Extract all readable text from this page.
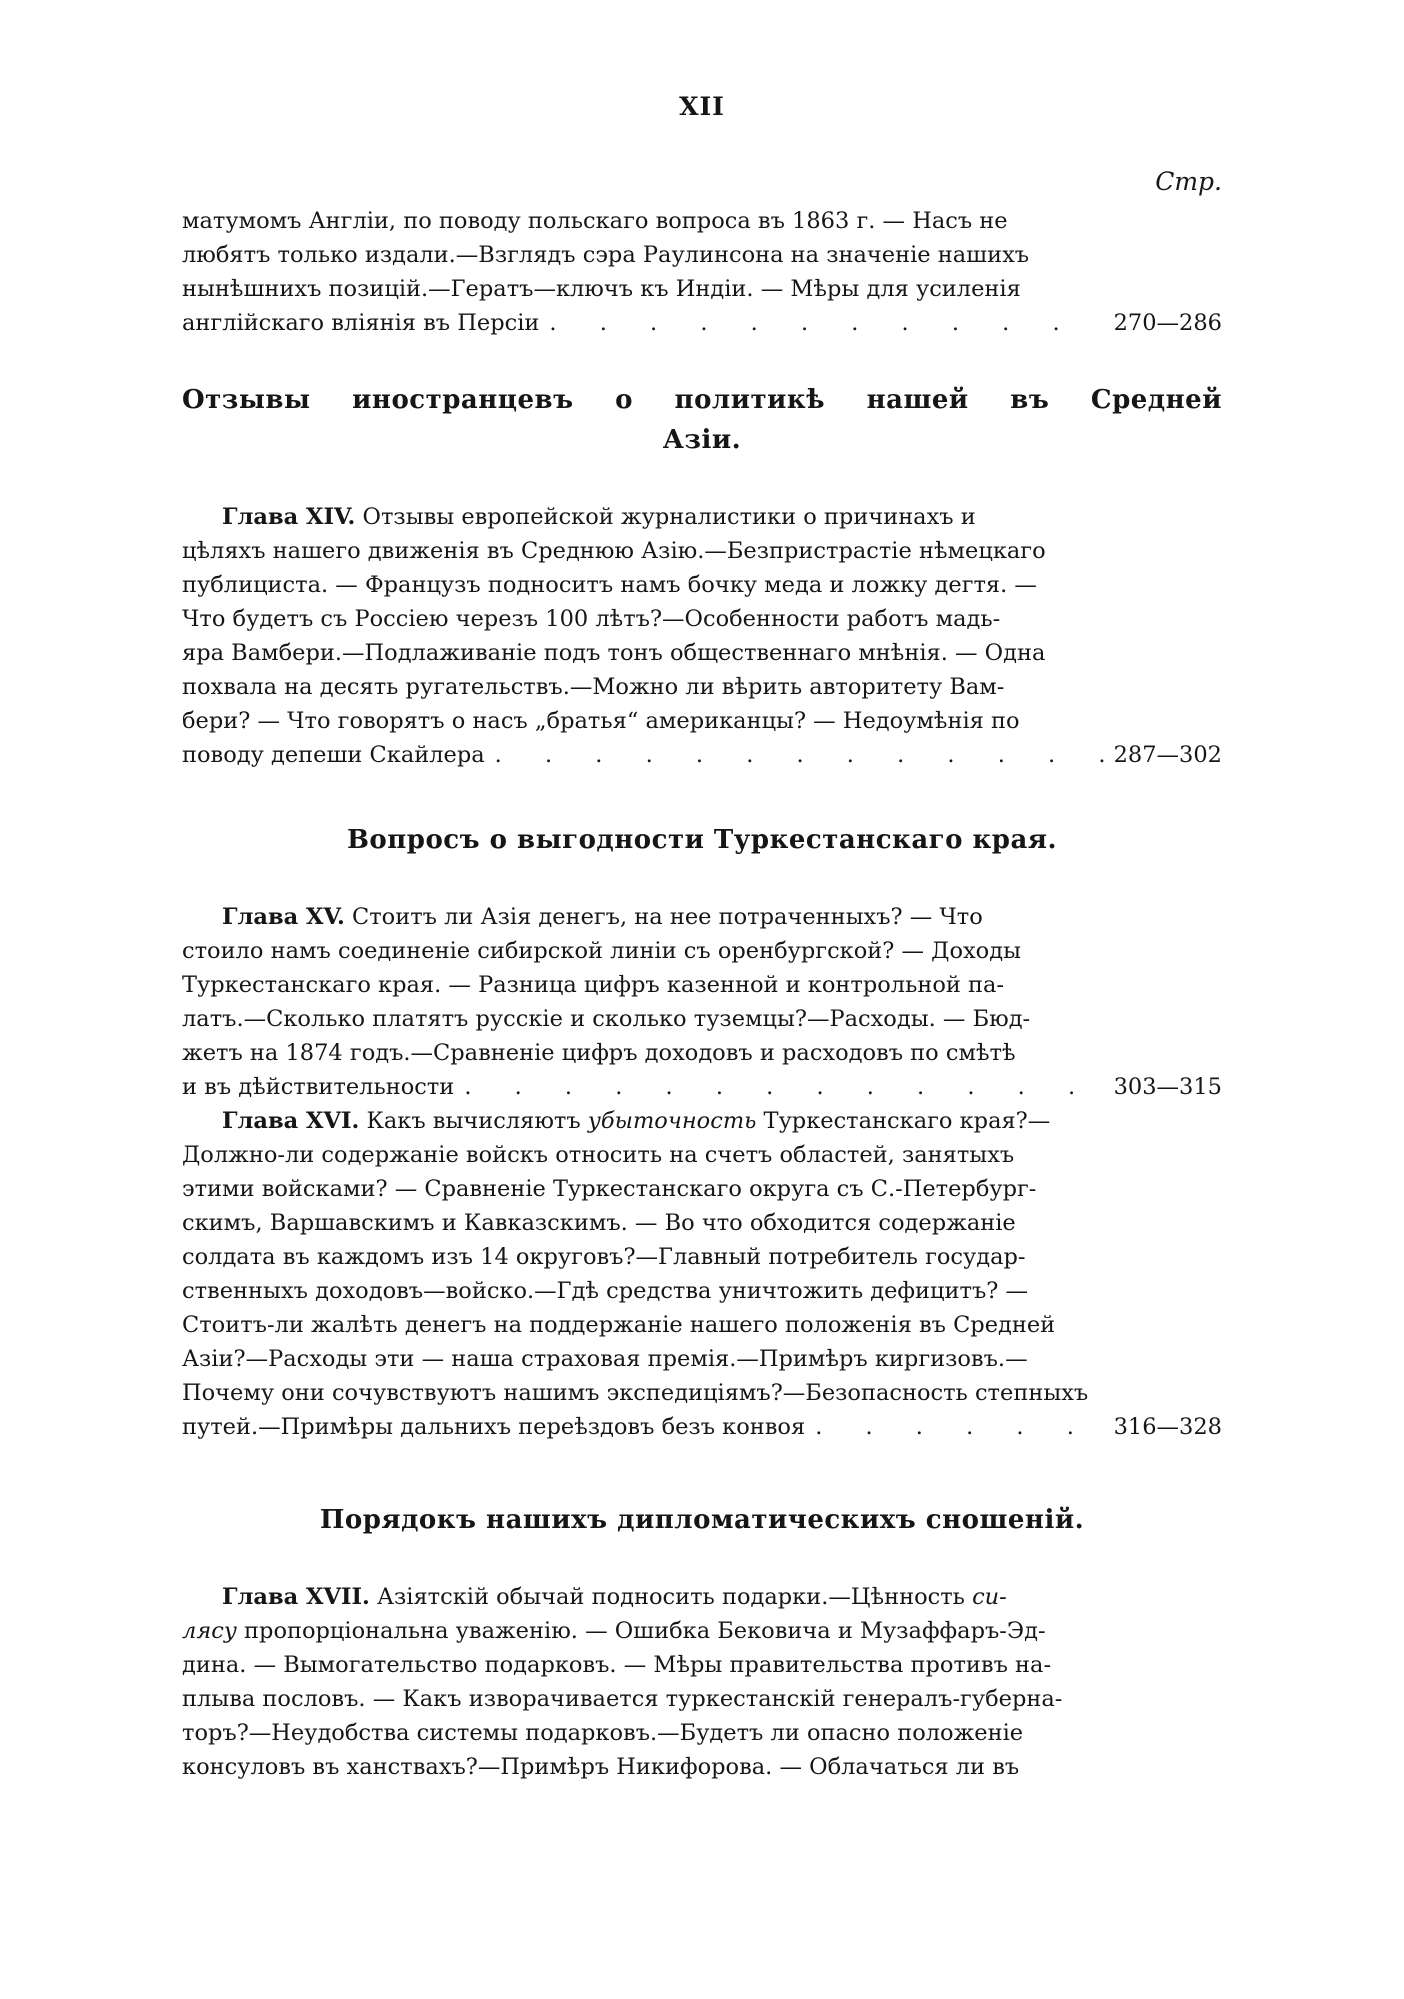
XII
Стр.
матумомъ Англіи, по поводу польскаго вопроса въ 1863 г. — Насъ не
любятъ только издали.—Взглядъ сэра Раулинсона на значеніе нашихъ
нынѣшнихъ позицій.—Гератъ—ключъ къ Индіи. — Мѣры для усиленія
англійскаго вліянія въ Персіи . . .	270—286
Отзывы иностранцевъ о политикѣ нашей въ Средней
Азіи.
Глава XIV. Отзывы европейской журналистики о причинахъ и
цѣляхъ нашего движенія въ Среднюю Азію.—Безпристрастіе нѣмецкаго
публициста. — Французъ подноситъ намъ бочку меда и ложку дегтя. —
Что будетъ съ Россіею черезъ 100 лѣтъ?—Особенности работъ мадь-
яра Вамбери.—Подлаживаніе подъ тонъ общественнаго мнѣнія. — Одна
похвала на десять ругательствъ.—Можно ли вѣрить авторитету Вам-
бери? — Что говорятъ о насъ „братья“ американцы? — Недоумѣнія по
поводу депеши Скайлера . . .	287—302
Вопросъ о выгодности Туркестанскаго края.
Глава XV. Стоитъ ли Азія денегъ, на нее потраченныхъ? — Что
стоило намъ соединеніе сибирской линіи съ оренбургской? — Доходы
Туркестанскаго края. — Разница цифръ казенной и контрольной па-
латъ.—Сколько платятъ русскіе и сколько туземцы?—Расходы. — Бюд-
жетъ на 1874 годъ.—Сравненіе цифръ доходовъ и расходовъ по смѣтѣ
и въ дѣйствительности . . .	303—315
Глава XVI. Какъ вычисляютъ убыточность Туркестанскаго края?—
Должно-ли содержаніе войскъ относить на счетъ областей, занятыхъ
этими войсками? — Сравненіе Туркестанскаго округа съ С.-Петербург-
скимъ, Варшавскимъ и Кавказскимъ. — Во что обходится содержаніе
солдата въ каждомъ изъ 14 округовъ?—Главный потребитель государ-
ственныхъ доходовъ—войско.—Гдѣ средства уничтожить дефицитъ? —
Стоитъ-ли жалѣть денегъ на поддержаніе нашего положенія въ Средней
Азіи?—Расходы эти — наша страховая премія.—Примѣръ киргизовъ.—
Почему они сочувствуютъ нашимъ экспедиціямъ?—Безопасность степныхъ
путей.—Примѣры дальнихъ переѣздовъ безъ конвоя . . .	316—328
Порядокъ нашихъ дипломатическихъ сношеній.
Глава XVII. Азіятскій обычай подносить подарки.—Цѣнность си-
лясу пропорціональна уваженію. — Ошибка Бековича и Музаффаръ-Эд-
дина. — Вымогательство подарковъ. — Мѣры правительства противъ на-
плыва пословъ. — Какъ изворачивается туркестанскій генералъ-губерна-
торъ?—Неудобства системы подарковъ.—Будетъ ли опасно положеніе
консуловъ въ ханствахъ?—Примѣръ Никифорова. — Облачаться ли въ
